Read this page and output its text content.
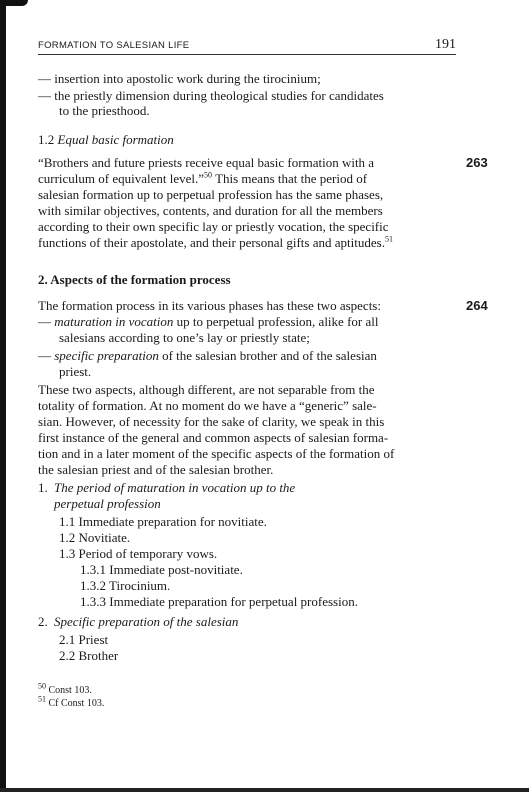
FORMATION TO SALESIAN LIFE	191
— insertion into apostolic work during the tirocinium;
— the priestly dimension during theological studies for candidates
to the priesthood.
1.2 Equal basic formation
263
“Brothers and future priests receive equal basic formation with a
curriculum of equivalent level.”$^{50}$ This means that the period of
salesian formation up to perpetual profession has the same phases,
with similar objectives, contents, and duration for all the members
according to their own specific lay or priestly vocation, the specific
functions of their apostolate, and their personal gifts and aptitudes.$^{51}$
2. Aspects of the formation process
264
The formation process in its various phases has these two aspects:
— maturation in vocation up to perpetual profession, alike for all
salesians according to one’s lay or priestly state;
— specific preparation of the salesian brother and of the salesian
priest.
These two aspects, although different, are not separable from the
totality of formation. At no moment do we have a “generic” sale-
sian. However, of necessity for the sake of clarity, we speak in this
first instance of the general and common aspects of salesian forma-
tion and in a later moment of the specific aspects of the formation of
the salesian priest and of the salesian brother.
1. The period of maturation in vocation up to the
perpetual profession
1.1 Immediate preparation for novitiate.
1.2 Novitiate.
1.3 Period of temporary vows.
1.3.1 Immediate post-novitiate.
1.3.2 Tirocinium.
1.3.3 Immediate preparation for perpetual profession.
2. Specific preparation of the salesian
2.1 Priest
2.2 Brother
$^{50}$ Const 103.
$^{51}$ Cf Const 103.
